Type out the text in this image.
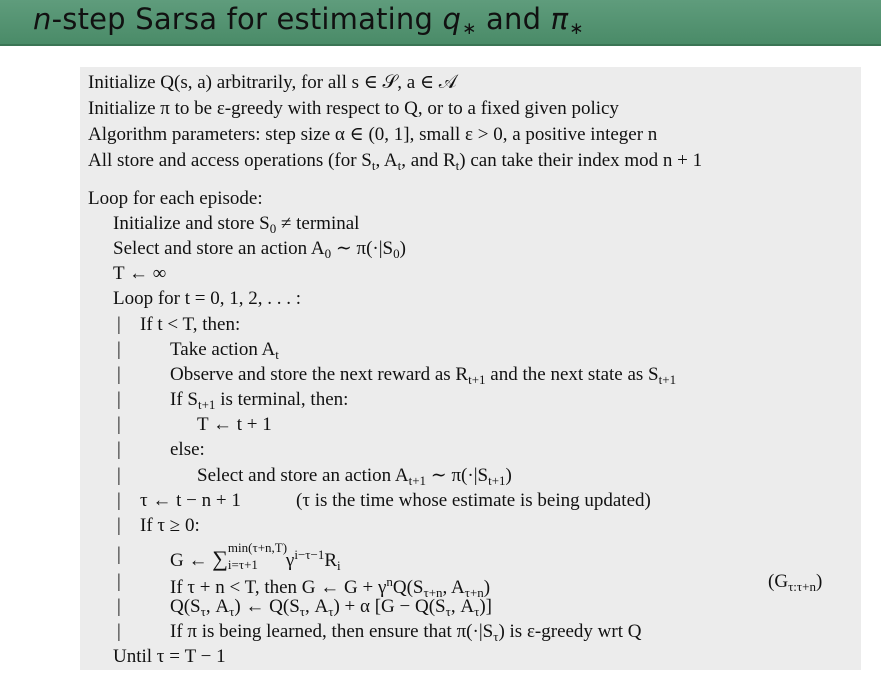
n-step Sarsa for estimating $q_∗$ and $\pi_∗$
Initialize Q(s, a) arbitrarily, for all s ∈ 𝒮, a ∈ 𝒜
Initialize π to be ε-greedy with respect to Q, or to a fixed given policy
Algorithm parameters: step size α ∈ (0, 1], small ε > 0, a positive integer n
All store and access operations (for $S_t$, $A_t$, and $R_t$) can take their index mod n + 1
Loop for each episode:
Initialize and store $S_0$ ≠ terminal
Select and store an action $A_0$ ∼ $\pi(\cdot|S_0)$
T ← ∞
Loop for t = 0, 1, 2, . . . :
If t < T, then:
Take action $A_t$
Observe and store the next reward as $R_{t+1}$ and the next state as $S_{t+1}$
If $S_{t+1}$ is terminal, then:
T ← t + 1
else:
Select and store an action $A_{t+1}$ ∼ $\pi(\cdot|S_{t+1})$
τ ← t − n + 1	(τ is the time whose estimate is being updated)
If τ ≥ 0:
G ← ∑ min(τ+n,T)
i=τ+1 $\gamma^{i-\tau-1}R_i$
If τ + n < T, then G ← $G + \gamma^nQ(S_{\tau+n}$, $A_{\tau+n}$)	$(G_{\tau:\tau+n})$
$Q(S_\tau$, $A_\tau$) ← $Q(S_\tau$, $A_\tau) + \alpha$ [$G - Q(S_\tau$, $A_\tau$)]
If π is being learned, then ensure that $\pi(\cdot|S_\tau)$ is ε-greedy wrt Q
Until τ = T − 1
|
|
|
|
|
|
|
|
|
|
|
|
|
